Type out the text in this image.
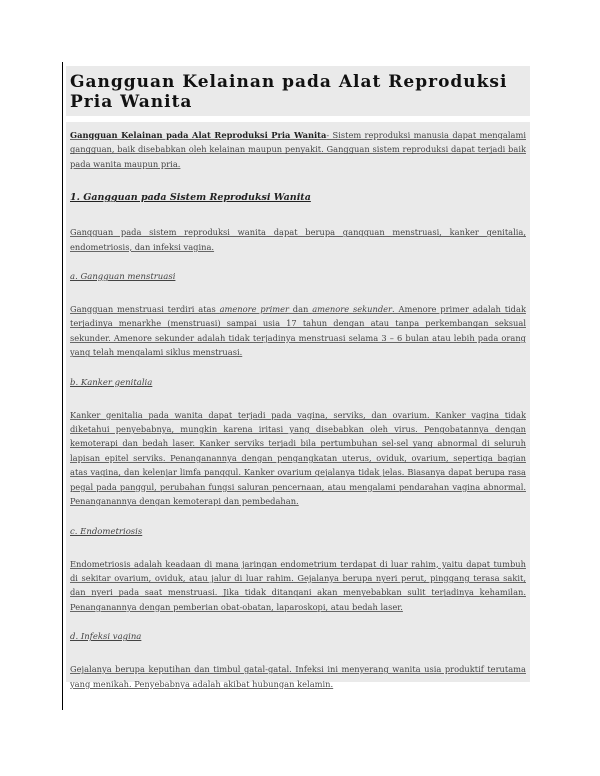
Gangguan Kelainan pada Alat Reproduksi Pria Wanita

Gangguan Kelainan pada Alat Reproduksi Pria Wanita- Sistem reproduksi manusia dapat mengalami gangguan, baik disebabkan oleh kelainan maupun penyakit. Gangguan sistem reproduksi dapat terjadi baik pada wanita maupun pria.

1. Gangguan pada Sistem Reproduksi Wanita

Gangguan pada sistem reproduksi wanita dapat berupa gangguan menstruasi, kanker genitalia, endometriosis, dan infeksi vagina.

a. Gangguan menstruasi

Gangguan menstruasi terdiri atas amenore primer dan amenore sekunder. Amenore primer adalah tidak terjadinya menarkhe (menstruasi) sampai usia 17 tahun dengan atau tanpa perkembangan seksual sekunder. Amenore sekunder adalah tidak terjadinya menstruasi selama 3 – 6 bulan atau lebih pada orang yang telah mengalami siklus menstruasi.

b. Kanker genitalia

Kanker genitalia pada wanita dapat terjadi pada vagina, serviks, dan ovarium. Kanker vagina tidak diketahui penyebabnya, mungkin karena iritasi yang disebabkan oleh virus. Pengobatannya dengan kemoterapi dan bedah laser. Kanker serviks terjadi bila pertumbuhan sel-sel yang abnormal di seluruh lapisan epitel serviks. Penanganannya dengan pengangkatan uterus, oviduk, ovarium, sepertiga bagian atas vagina, dan kelenjar limfa panggul. Kanker ovarium gejalanya tidak jelas. Biasanya dapat berupa rasa pegal pada panggul, perubahan fungsi saluran pencernaan, atau mengalami pendarahan vagina abnormal. Penanganannya dengan kemoterapi dan pembedahan.

c. Endometriosis

Endometriosis adalah keadaan di mana jaringan endometrium terdapat di luar rahim, yaitu dapat tumbuh di sekitar ovarium, oviduk, atau jalur di luar rahim. Gejalanya berupa nyeri perut, pinggang terasa sakit, dan nyeri pada saat menstruasi. Jika tidak ditangani akan menyebabkan sulit terjadinya kehamilan. Penanganannya dengan pemberian obat-obatan, laparoskopi, atau bedah laser.

d. Infeksi vagina

Gejalanya berupa keputihan dan timbul gatal-gatal. Infeksi ini menyerang wanita usia produktif terutama yang menikah. Penyebabnya adalah akibat hubungan kelamin.
